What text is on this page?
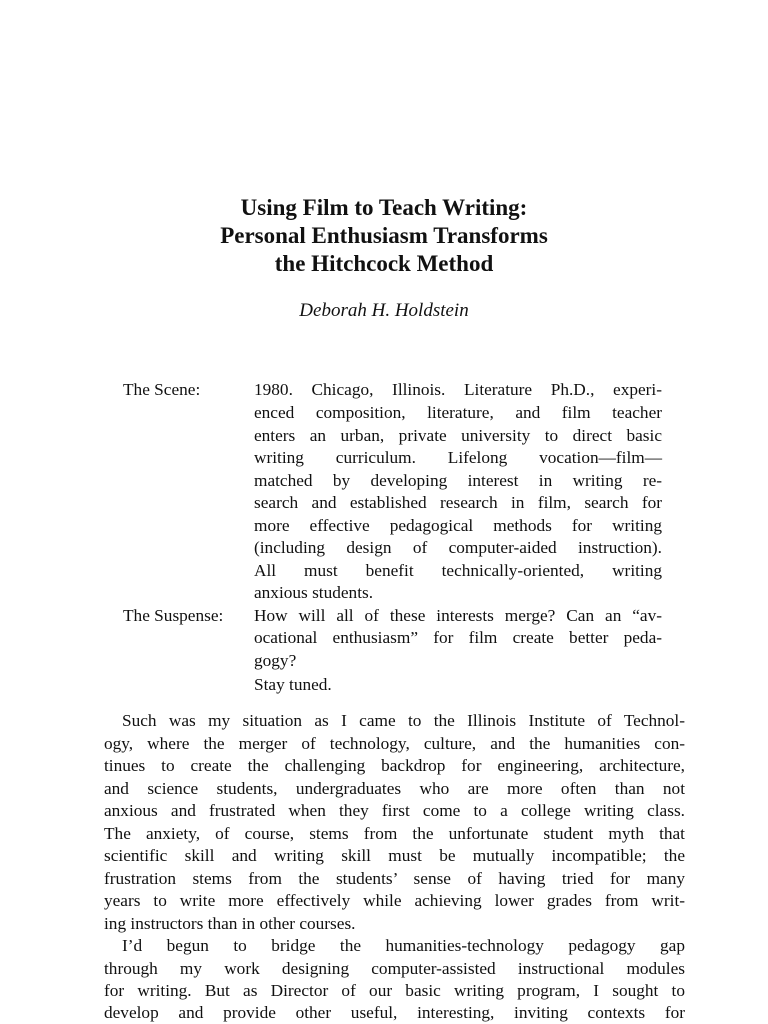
Using Film to Teach Writing:
Personal Enthusiasm Transforms
the Hitchcock Method
Deborah H. Holdstein
The Scene:	1980. Chicago, Illinois. Literature Ph.D., experi-
enced composition, literature, and film teacher
enters an urban, private university to direct basic
writing curriculum. Lifelong vocation—film—
matched by developing interest in writing re-
search and established research in film, search for
more effective pedagogical methods for writing
(including design of computer-aided instruction).
All must benefit technically-oriented, writing
anxious students.
The Suspense: How will all of these interests merge? Can an “av-
ocational enthusiasm” for film create better peda-
gogy?
Stay tuned.
Such was my situation as I came to the Illinois Institute of Technol-
ogy, where the merger of technology, culture, and the humanities con-
tinues to create the challenging backdrop for engineering, architecture,
and science students, undergraduates who are more often than not
anxious and frustrated when they first come to a college writing class.
The anxiety, of course, stems from the unfortunate student myth that
scientific skill and writing skill must be mutually incompatible; the
frustration stems from the students’ sense of having tried for many
years to write more effectively while achieving lower grades from writ-
ing instructors than in other courses.
I’d begun to bridge the humanities-technology pedagogy gap
through my work designing computer-assisted instructional modules
for writing. But as Director of our basic writing program, I sought to
develop and provide other useful, interesting, inviting contexts for
